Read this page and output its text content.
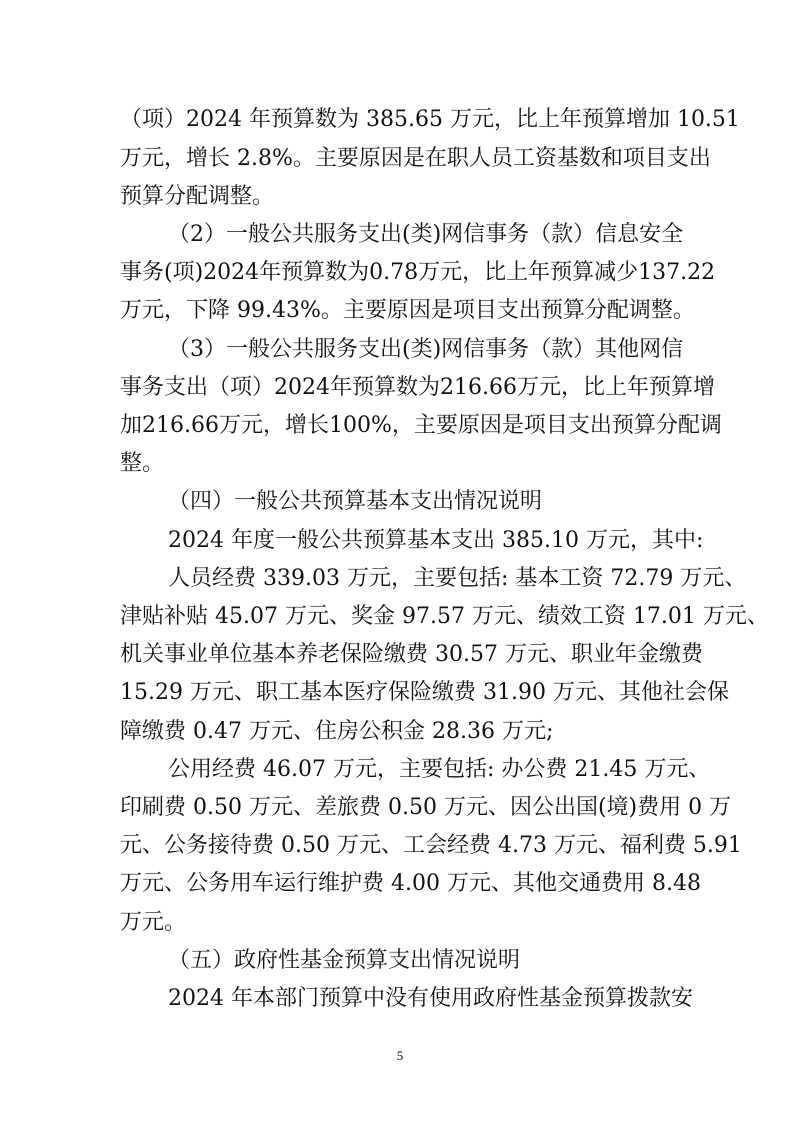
（项）2024 年预算数为 385.65 万元，比上年预算增加 10.51
万元，增长 2.8%。主要原因是在职人员工资基数和项目支出
预算分配调整。
（2）一般公共服务支出(类)网信事务（款）信息安全
事务(项)2024年预算数为0.78万元，比上年预算减少137.22
万元，下降 99.43%。主要原因是项目支出预算分配调整。
（3）一般公共服务支出(类)网信事务（款）其他网信
事务支出（项）2024年预算数为216.66万元，比上年预算增
加216.66万元，增长100%，主要原因是项目支出预算分配调
整。
（四）一般公共预算基本支出情况说明
2024 年度一般公共预算基本支出 385.10 万元，其中:
人员经费 339.03 万元，主要包括: 基本工资 72.79 万元、
津贴补贴 45.07 万元、奖金 97.57 万元、绩效工资 17.01 万元、
机关事业单位基本养老保险缴费 30.57 万元、职业年金缴费
15.29 万元、职工基本医疗保险缴费 31.90 万元、其他社会保
障缴费 0.47 万元、住房公积金 28.36 万元;
公用经费 46.07 万元，主要包括: 办公费 21.45 万元、
印刷费 0.50 万元、差旅费 0.50 万元、因公出国(境)费用 0 万
元、公务接待费 0.50 万元、工会经费 4.73 万元、福利费 5.91
万元、公务用车运行维护费 4.00 万元、其他交通费用 8.48
万元。
（五）政府性基金预算支出情况说明
2024 年本部门预算中没有使用政府性基金预算拨款安
5
